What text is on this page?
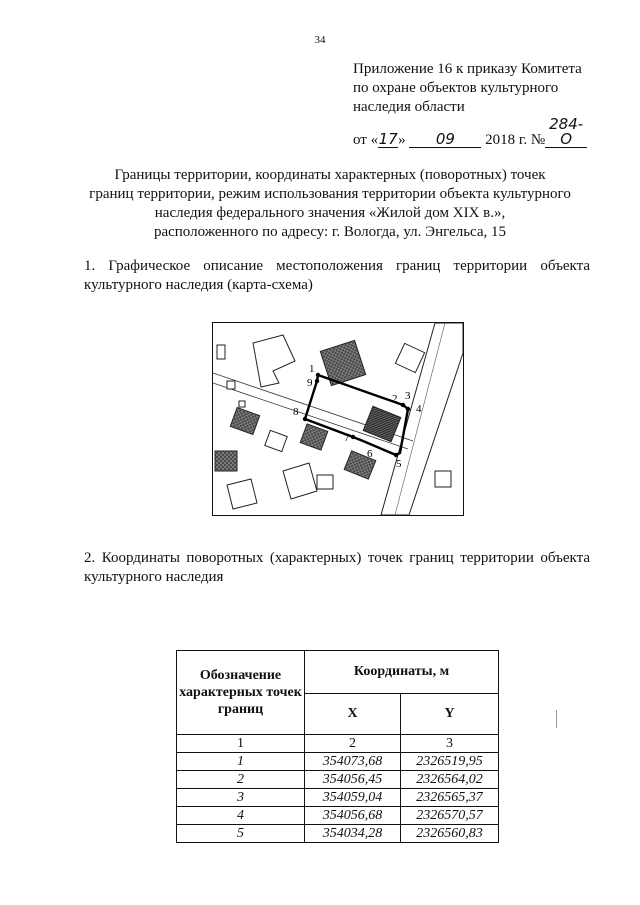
34
Приложение 16 к приказу Комитета
по охране объектов культурного
наследия области
от «17» 09 2018 г. №284-О
Границы территории, координаты характерных (поворотных) точек
границ территории, режим использования территории объекта культурного
наследия федерального значения «Жилой дом XIX в.»,
расположенного по адресу: г. Вологда, ул. Энгельса, 15
1. Графическое описание местоположения границ территории объекта
культурного наследия (карта-схема)
1
9
2 3
4
8
7
6
5
2. Координаты поворотных (характерных) точек границ территории объекта
культурного наследия
Обозначение характерных точек границ	Координаты, м	
	X	Y
1	2	3
1	354073,68	2326519,95
2	354056,45	2326564,02
3	354059,04	2326565,37
4	354056,68	2326570,57
5	354034,28	2326560,83
